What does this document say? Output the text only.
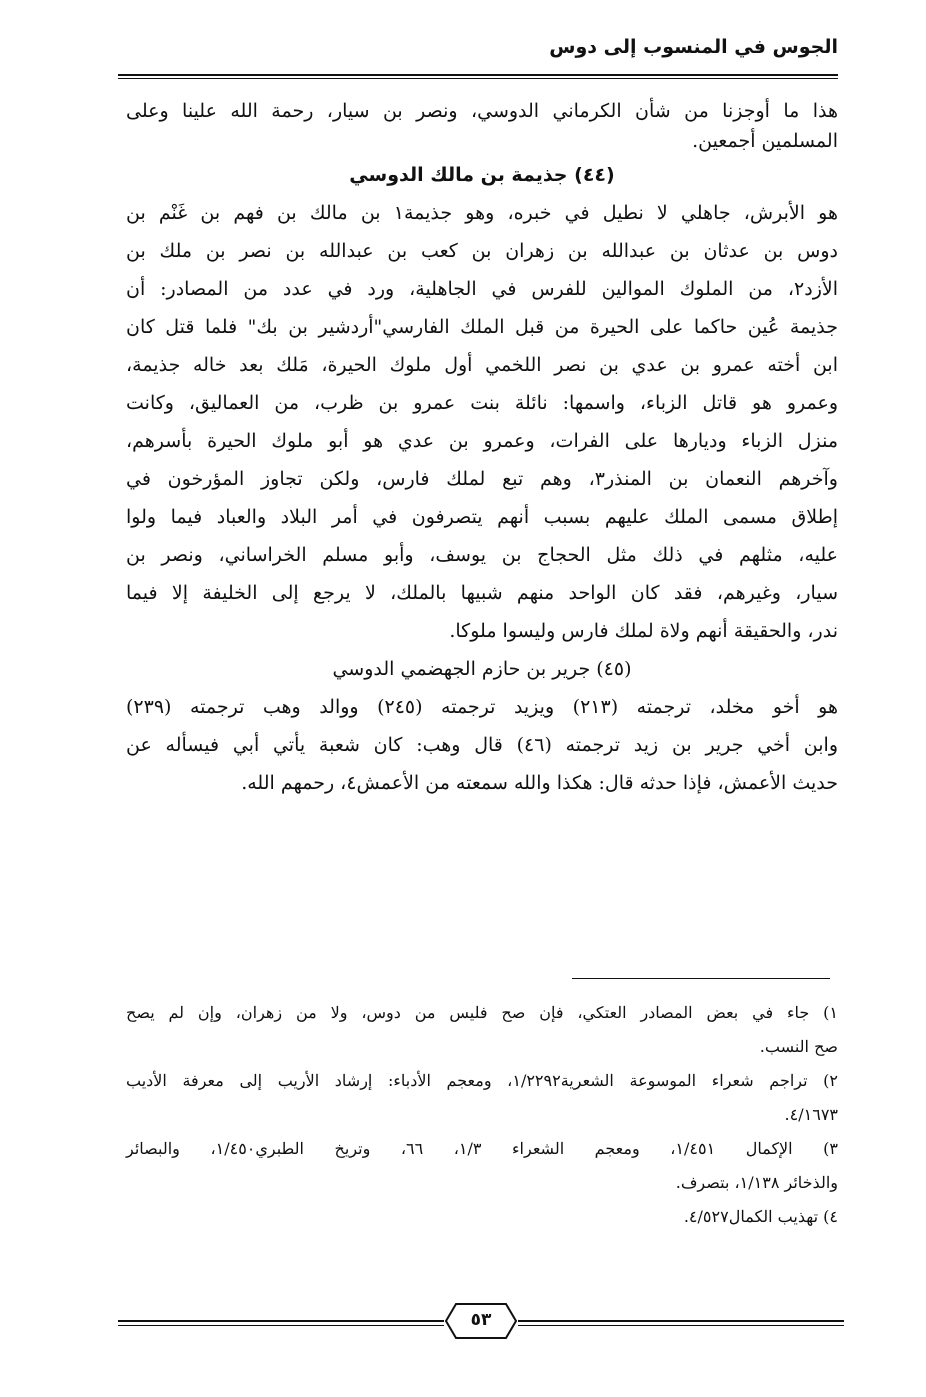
الجوس في المنسوب إلى دوس
هذا ما أوجزنا من شأن الكرماني الدوسي، ونصر بن سيار، رحمة الله علينا وعلى
المسلمين أجمعين.
(٤٤) جذيمة بن مالك الدوسي
هو الأبرش، جاهلي لا نطيل في خبره، وهو جذيمة١ بن مالك بن فهم بن غَنْم بن
دوس بن عدثان بن عبدالله بن زهران بن كعب بن عبدالله بن نصر بن ملك بن
الأزد٢، من الملوك الموالين للفرس في الجاهلية، ورد في عدد من المصادر: أن
جذيمة عُين حاكما على الحيرة من قبل الملك الفارسي"أردشير بن بك" فلما قتل كان
ابن أخته عمرو بن عدي بن نصر اللخمي أول ملوك الحيرة، مَلك بعد خاله جذيمة،
وعمرو هو قاتل الزباء، واسمها: نائلة بنت عمرو بن ظرب، من العماليق، وكانت
منزل الزباء وديارها على الفرات، وعمرو بن عدي هو أبو ملوك الحيرة بأسرهم،
وآخرهم النعمان بن المنذر٣، وهم تبع لملك فارس، ولكن تجاوز المؤرخون في
إطلاق مسمى الملك عليهم بسبب أنهم يتصرفون في أمر البلاد والعباد فيما ولوا
عليه، مثلهم في ذلك مثل الحجاج بن يوسف، وأبو مسلم الخراساني، ونصر بن
سيار، وغيرهم، فقد كان الواحد منهم شبيها بالملك، لا يرجع إلى الخليفة إلا فيما
ندر، والحقيقة أنهم ولاة لملك فارس وليسوا ملوكا.
(٤٥) جرير بن حازم الجهضمي الدوسي
هو أخو مخلد، ترجمته (٢١٣) ويزيد ترجمته (٢٤٥) ووالد وهب ترجمته (٢٣٩)
وابن أخي جرير بن زيد ترجمته (٤٦) قال وهب: كان شعبة يأتي أبي فيسأله عن
حديث الأعمش، فإذا حدثه قال: هكذا والله سمعته من الأعمش٤، رحمهم الله.
١) جاء في بعض المصادر العتكي، فإن صح فليس من دوس، ولا من زهران، وإن لم يصح
صح النسب.
٢) تراجم شعراء الموسوعة الشعرية١/٢٢٩٢، ومعجم الأدباء: إرشاد الأريب إلى معرفة الأديب
٤/١٦٧٣.
٣) الإكمال ١/٤٥١، ومعجم الشعراء ١/٣، ٦٦، وتريخ الطبري١/٤٥٠، والبصائر
والذخائر ١/١٣٨، بتصرف.
٤) تهذيب الكمال٤/٥٢٧.
٥٣
